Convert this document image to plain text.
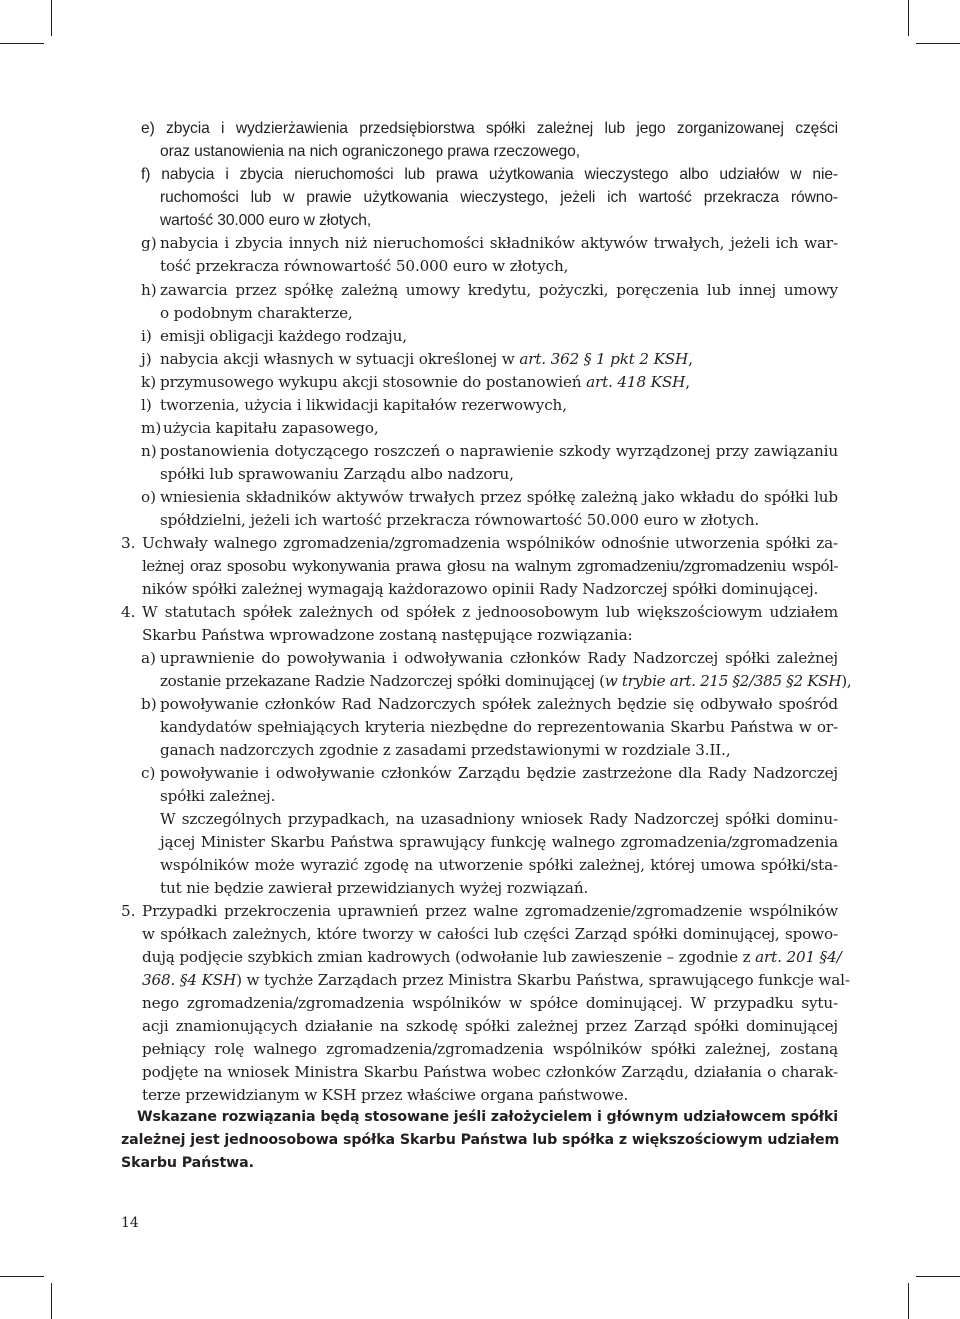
e) zbycia i wydzierżawienia przedsiębiorstwa spółki zależnej lub jego zorganizowanej części
oraz ustanowienia na nich ograniczonego prawa rzeczowego,
f) nabycia i zbycia nieruchomości lub prawa użytkowania wieczystego albo udziałów w nie-
ruchomości lub w prawie użytkowania wieczystego, jeżeli ich wartość przekracza równo-
wartość 30.000 euro w złotych,
g) nabycia i zbycia innych niż nieruchomości składników aktywów trwałych, jeżeli ich war-
tość przekracza równowartość 50.000 euro w złotych,
h) zawarcia przez spółkę zależną umowy kredytu, pożyczki, poręczenia lub innej umowy
o podobnym charakterze,
i) emisji obligacji każdego rodzaju,
j) nabycia akcji własnych w sytuacji określonej w art. 362 § 1 pkt 2 KSH,
k) przymusowego wykupu akcji stosownie do postanowień art. 418 KSH,
l) tworzenia, użycia i likwidacji kapitałów rezerwowych,
m) użycia kapitału zapasowego,
n) postanowienia dotyczącego roszczeń o naprawienie szkody wyrządzonej przy zawiązaniu
spółki lub sprawowaniu Zarządu albo nadzoru,
o) wniesienia składników aktywów trwałych przez spółkę zależną jako wkładu do spółki lub
spółdzielni, jeżeli ich wartość przekracza równowartość 50.000 euro w złotych.
3. Uchwały walnego zgromadzenia/zgromadzenia wspólników odnośnie utworzenia spółki za-
leżnej oraz sposobu wykonywania prawa głosu na walnym zgromadzeniu/zgromadzeniu wspól-
ników spółki zależnej wymagają każdorazowo opinii Rady Nadzorczej spółki dominującej.
4. W statutach spółek zależnych od spółek z jednoosobowym lub większościowym udziałem
Skarbu Państwa wprowadzone zostaną następujące rozwiązania:
a) uprawnienie do powoływania i odwoływania członków Rady Nadzorczej spółki zależnej
zostanie przekazane Radzie Nadzorczej spółki dominującej (w trybie art. 215 §2/385 §2 KSH),
b) powoływanie członków Rad Nadzorczych spółek zależnych będzie się odbywało spośród
kandydatów spełniających kryteria niezbędne do reprezentowania Skarbu Państwa w or-
ganach nadzorczych zgodnie z zasadami przedstawionymi w rozdziale 3.II.,
c) powoływanie i odwoływanie członków Zarządu będzie zastrzeżone dla Rady Nadzorczej
spółki zależnej.
W szczególnych przypadkach, na uzasadniony wniosek Rady Nadzorczej spółki dominu-
jącej Minister Skarbu Państwa sprawujący funkcję walnego zgromadzenia/zgromadzenia
wspólników może wyrazić zgodę na utworzenie spółki zależnej, której umowa spółki/sta-
tut nie będzie zawierał przewidzianych wyżej rozwiązań.
5. Przypadki przekroczenia uprawnień przez walne zgromadzenie/zgromadzenie wspólników
w spółkach zależnych, które tworzy w całości lub części Zarząd spółki dominującej, spowo-
dują podjęcie szybkich zmian kadrowych (odwołanie lub zawieszenie – zgodnie z art. 201 §4/
368. §4 KSH) w tychże Zarządach przez Ministra Skarbu Państwa, sprawującego funkcje wal-
nego zgromadzenia/zgromadzenia wspólników w spółce dominującej. W przypadku sytu-
acji znamionujących działanie na szkodę spółki zależnej przez Zarząd spółki dominującej
pełniący rolę walnego zgromadzenia/zgromadzenia wspólników spółki zależnej, zostaną
podjęte na wniosek Ministra Skarbu Państwa wobec członków Zarządu, działania o charak-
terze przewidzianym w KSH przez właściwe organa państwowe.
Wskazane rozwiązania będą stosowane jeśli założycielem i głównym udziałowcem spółki
zależnej jest jednoosobowa spółka Skarbu Państwa lub spółka z większościowym udziałem
Skarbu Państwa.
14
